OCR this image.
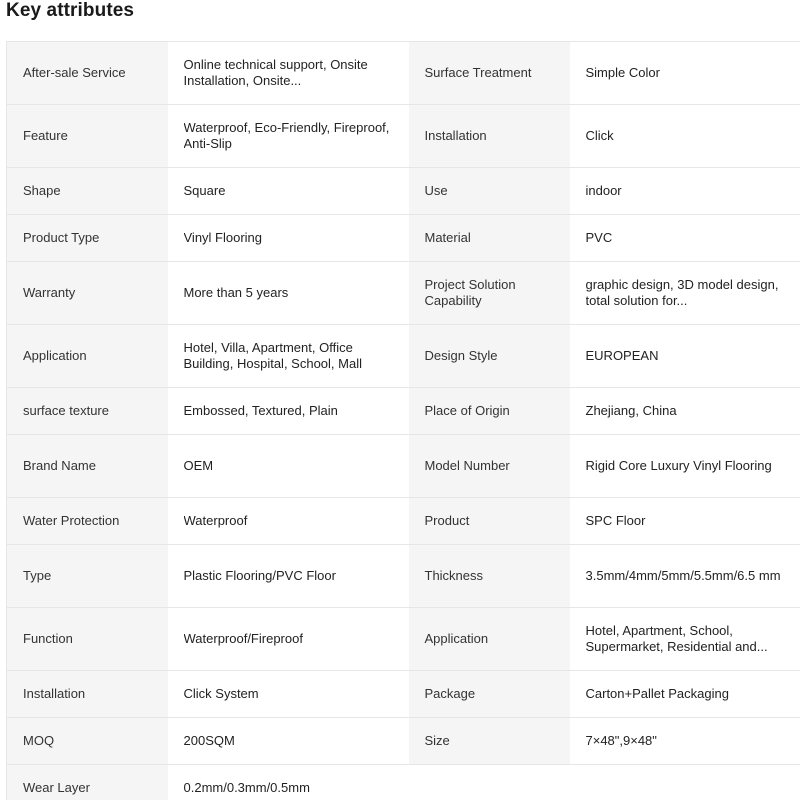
Key attributes
After-sale Service	Online technical support, Onsite Installation, Onsite...	Surface Treatment	Simple Color

Feature	Waterproof, Eco-Friendly, Fireproof, Anti-Slip	Installation	Click

Shape	Square	Use	indoor

Product Type	Vinyl Flooring	Material	PVC

Warranty	More than 5 years	Project Solution Capability	graphic design, 3D model design, total solution for...

Application	Hotel, Villa, Apartment, Office Building, Hospital, School, Mall	Design Style	EUROPEAN

surface texture	Embossed, Textured, Plain	Place of Origin	Zhejiang, China

Brand Name	OEM	Model Number	Rigid Core Luxury Vinyl Flooring

Water Protection	Waterproof	Product	SPC Floor

Type	Plastic Flooring/PVC Floor	Thickness	3.5mm/4mm/5mm/5.5mm/6.5 mm

Function	Waterproof/Fireproof	Application	Hotel, Apartment, School, Supermarket, Residential and...

Installation	Click System	Package	Carton+Pallet Packaging

MOQ	200SQM	Size	7×48",9×48"

Wear Layer	0.2mm/0.3mm/0.5mm		
